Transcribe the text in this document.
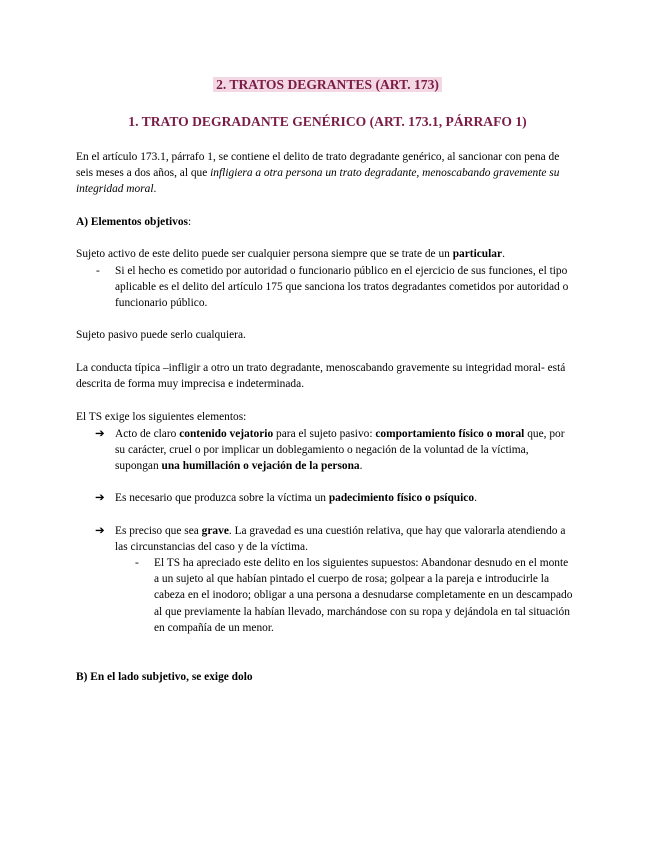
2. TRATOS DEGRANTES (ART. 173)
1. TRATO DEGRADANTE GENÉRICO (ART. 173.1, PÁRRAFO 1)

En el artículo 173.1, párrafo 1, se contiene el delito de trato degradante genérico, al sancionar con pena de seis meses a dos años, al que infligiera a otra persona un trato degradante, menoscabando gravemente su integridad moral.

A) Elementos objetivos:

Sujeto activo de este delito puede ser cualquier persona siempre que se trate de un particular.

- Si el hecho es cometido por autoridad o funcionario público en el ejercicio de sus funciones, el tipo aplicable es el delito del artículo 175 que sanciona los tratos degradantes cometidos por autoridad o funcionario público.

Sujeto pasivo puede serlo cualquiera.

La conducta típica –infligir a otro un trato degradante, menoscabando gravemente su integridad moral- está descrita de forma muy imprecisa e indeterminada.

El TS exige los siguientes elementos:

➔ Acto de claro contenido vejatorio para el sujeto pasivo: comportamiento físico o moral que, por su carácter, cruel o por implicar un doblegamiento o negación de la voluntad de la víctima, supongan una humillación o vejación de la persona.
➔ Es necesario que produzca sobre la víctima un padecimiento físico o psíquico.
➔ Es preciso que sea grave. La gravedad es una cuestión relativa, que hay que valorarla atendiendo a las circunstancias del caso y de la víctima.
- El TS ha apreciado este delito en los siguientes supuestos: Abandonar desnudo en el monte a un sujeto al que habían pintado el cuerpo de rosa; golpear a la pareja e introducirle la cabeza en el inodoro; obligar a una persona a desnudarse completamente en un descampado al que previamente la habían llevado, marchándose con su ropa y dejándola en tal situación en compañía de un menor.

B) En el lado subjetivo, se exige dolo
